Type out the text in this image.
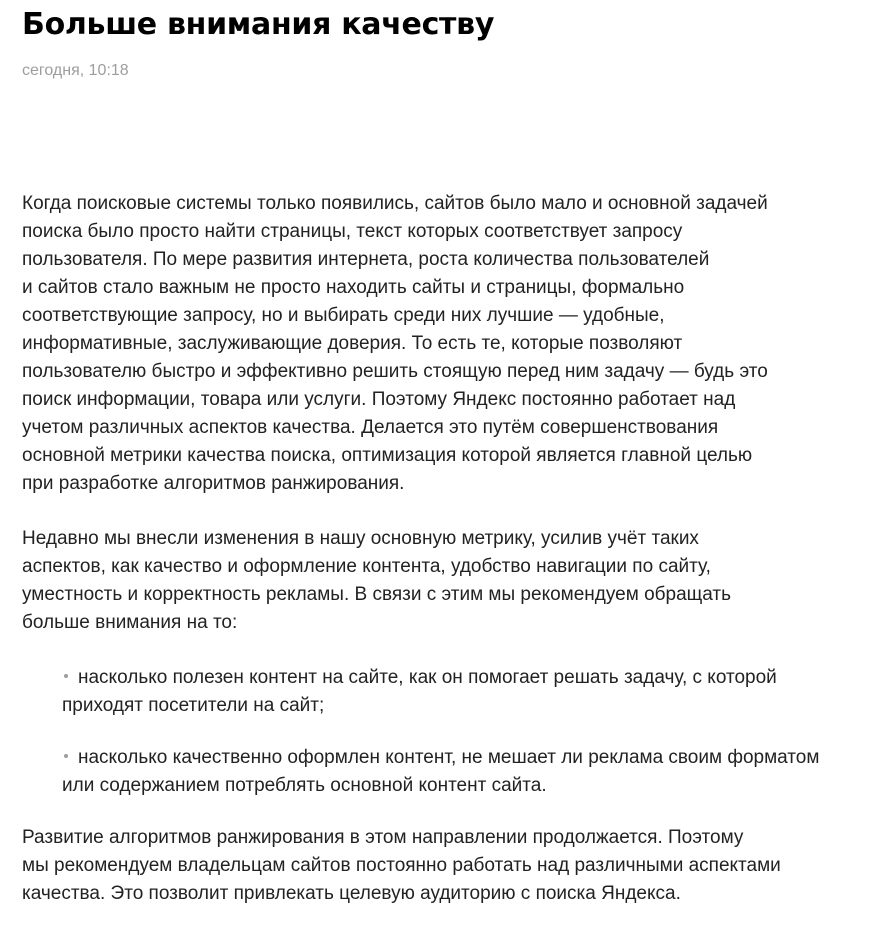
Больше внимания качеству
сегодня, 10:18

Когда поисковые системы только появились, сайтов было мало и основной задачей
поиска было просто найти страницы, текст которых соответствует запросу
пользователя. По мере развития интернета, роста количества пользователей
и сайтов стало важным не просто находить сайты и страницы, формально
соответствующие запросу, но и выбирать среди них лучшие — удобные,
информативные, заслуживающие доверия. То есть те, которые позволяют
пользователю быстро и эффективно решить стоящую перед ним задачу — будь это
поиск информации, товара или услуги. Поэтому Яндекс постоянно работает над
учетом различных аспектов качества. Делается это путём совершенствования
основной метрики качества поиска, оптимизация которой является главной целью
при разработке алгоритмов ранжирования.

Недавно мы внесли изменения в нашу основную метрику, усилив учёт таких
аспектов, как качество и оформление контента, удобство навигации по сайту,
уместность и корректность рекламы. В связи с этим мы рекомендуем обращать
больше внимания на то:

насколько полезен контент на сайте, как он помогает решать задачу, с которой
приходят посетители на сайт;
насколько качественно оформлен контент, не мешает ли реклама своим форматом
или содержанием потреблять основной контент сайта.

Развитие алгоритмов ранжирования в этом направлении продолжается. Поэтому
мы рекомендуем владельцам сайтов постоянно работать над различными аспектами
качества. Это позволит привлекать целевую аудиторию с поиска Яндекса.
